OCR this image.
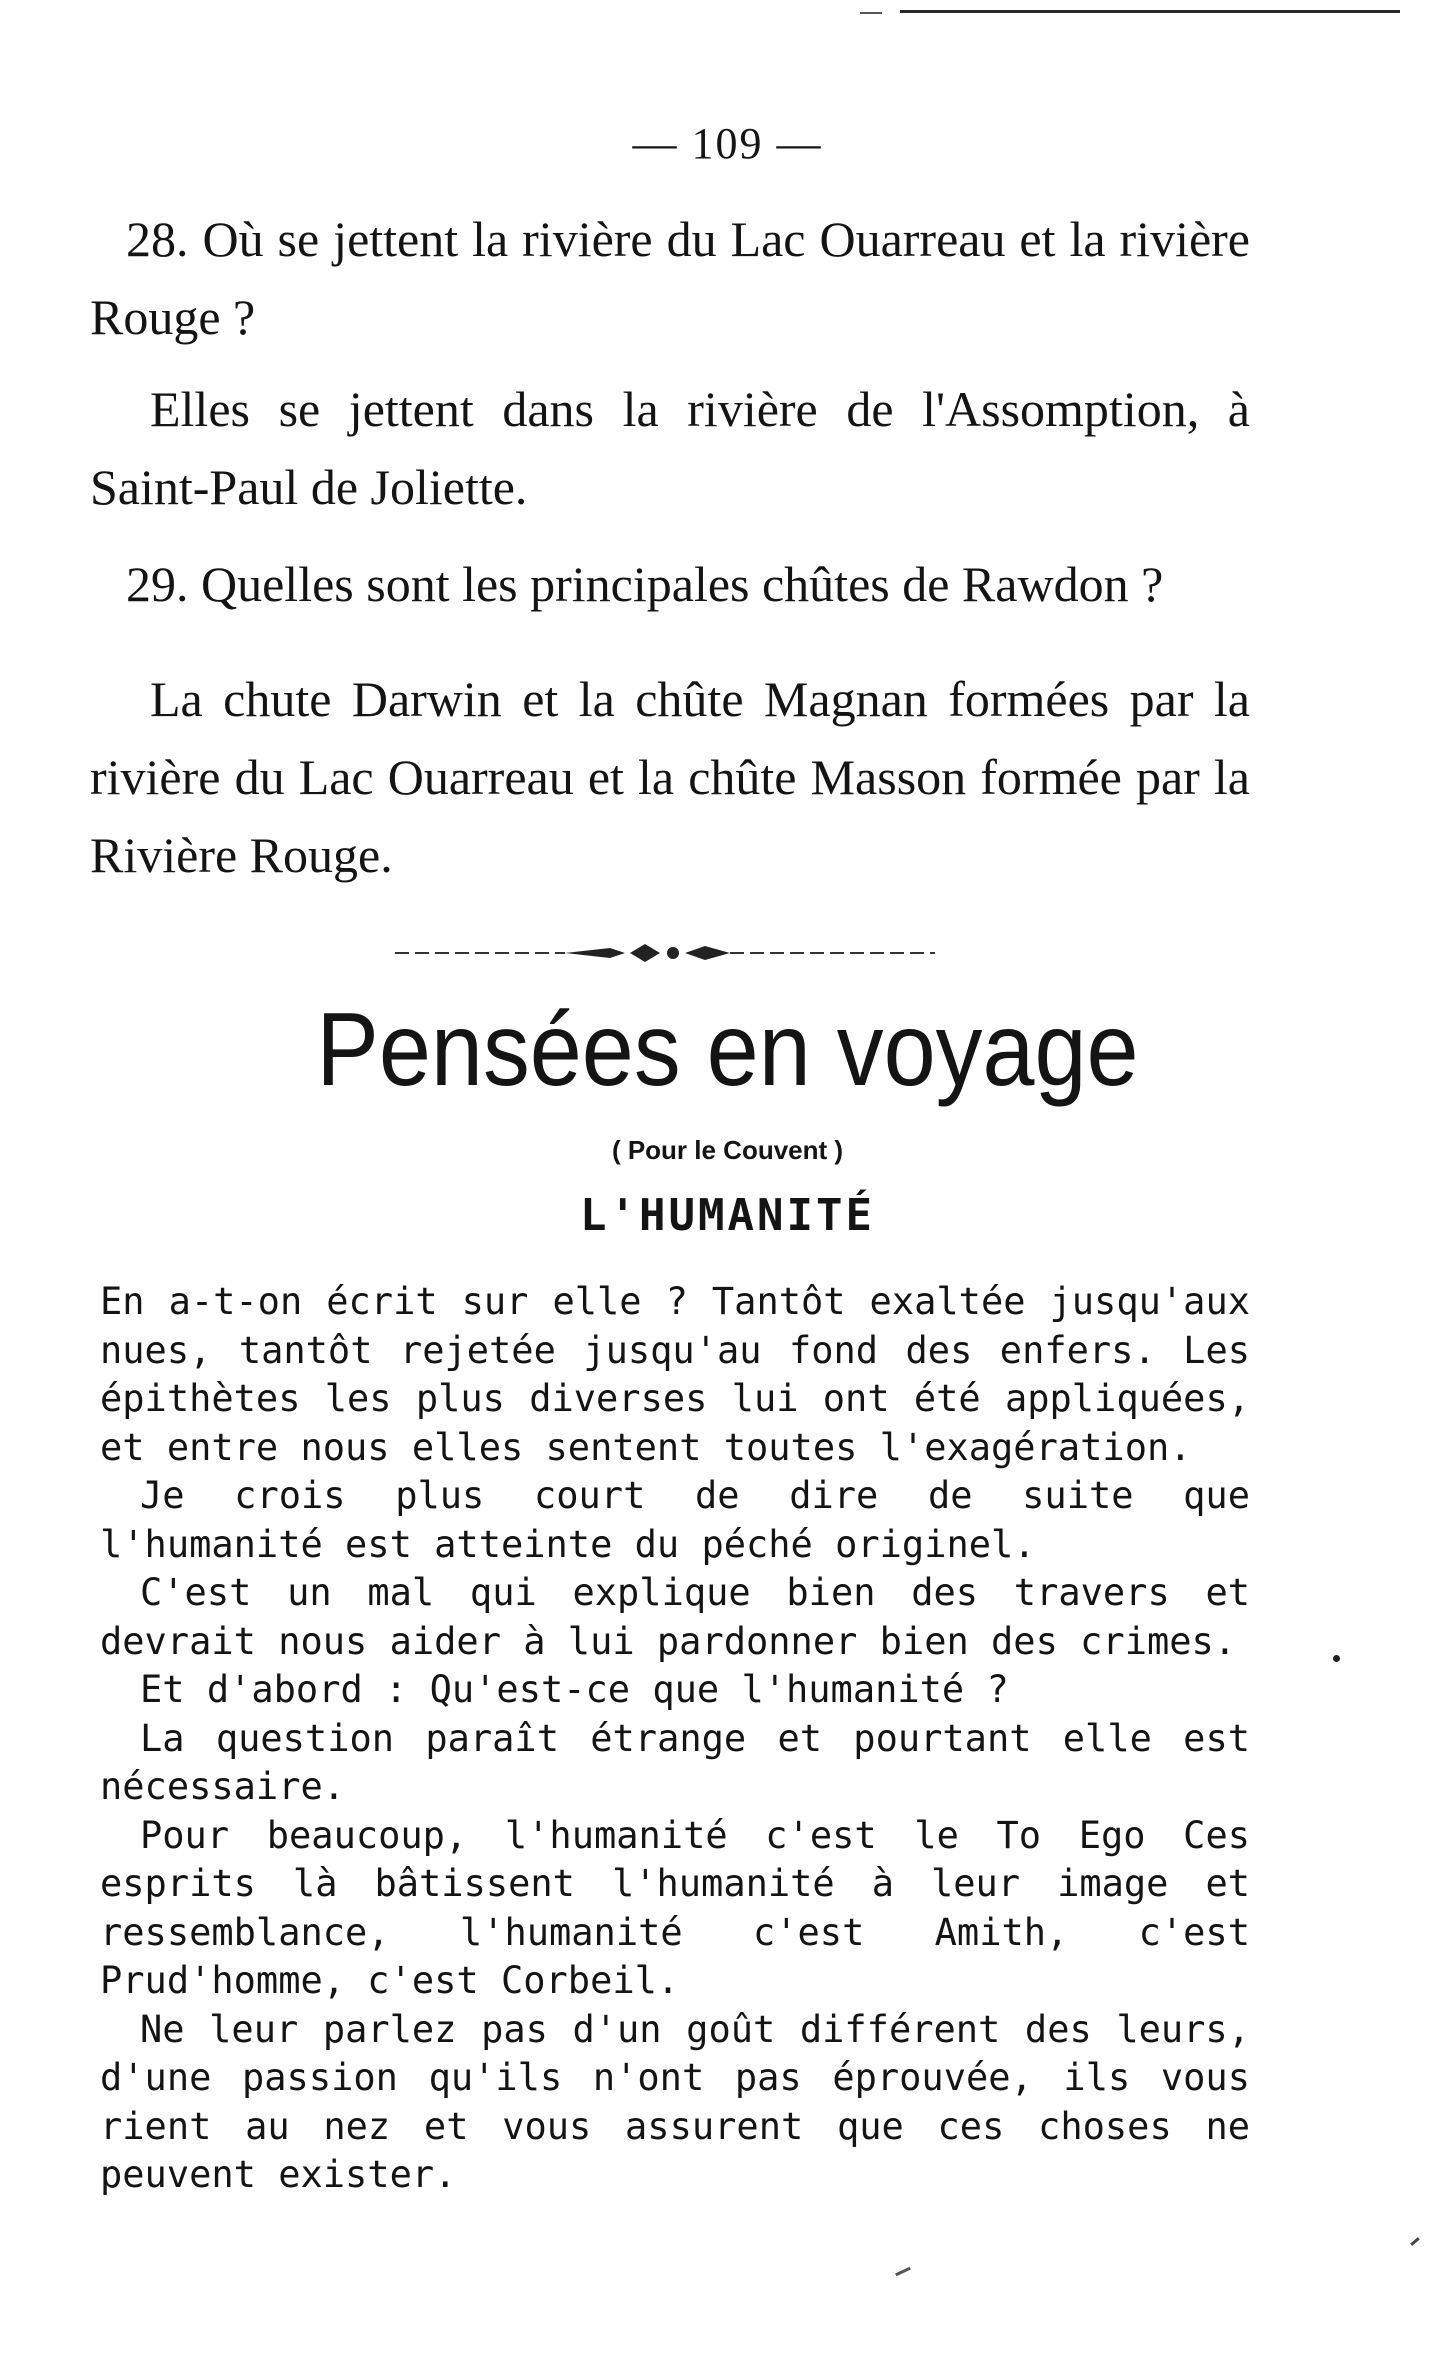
— 109 —
28. Où se jettent la rivière du Lac Ouarreau et la rivière Rouge ?
Elles se jettent dans la rivière de l'Assomption, à Saint-Paul de Joliette.
29. Quelles sont les principales chûtes de Rawdon ?
La chute Darwin et la chûte Magnan formées par la rivière du Lac Ouarreau et la chûte Masson formée par la Rivière Rouge.
Pensées en voyage
( Pour le Couvent )
L'HUMANITÉ

En a-t-on écrit sur elle ? Tantôt exaltée jusqu'aux nues, tantôt rejetée jusqu'au fond des enfers. Les épithètes les plus diverses lui ont été appliquées, et entre nous elles sentent toutes l'exagération.

Je crois plus court de dire de suite que l'humanité est atteinte du péché originel.

C'est un mal qui explique bien des travers et devrait nous aider à lui pardonner bien des crimes.

Et d'abord : Qu'est-ce que l'humanité ?

La question paraît étrange et pourtant elle est nécessaire.

Pour beaucoup, l'humanité c'est le To Ego Ces esprits là bâtissent l'humanité à leur image et ressemblance, l'humanité c'est Amith, c'est Prud'homme, c'est Corbeil.

Ne leur parlez pas d'un goût différent des leurs, d'une passion qu'ils n'ont pas éprouvée, ils vous rient au nez et vous assurent que ces choses ne peuvent exister.
